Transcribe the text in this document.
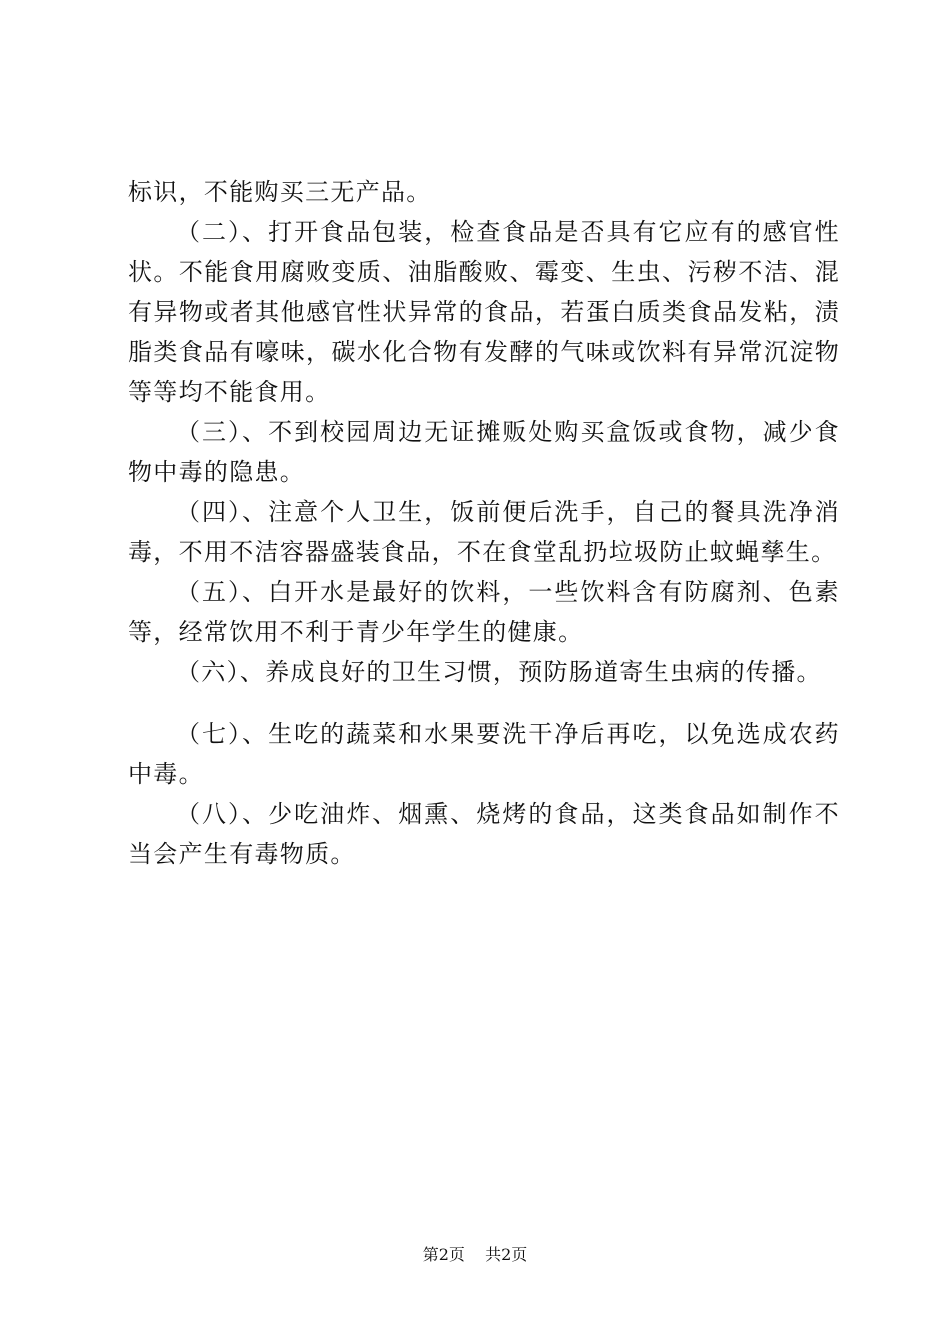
标识，不能购买三无产品。

（二）、打开食品包装，检查食品是否具有它应有的感官性状。不能食用腐败变质、油脂酸败、霉变、生虫、污秽不洁、混有异物或者其他感官性状异常的食品，若蛋白质类食品发粘，渍脂类食品有嚎味，碳水化合物有发酵的气味或饮料有异常沉淀物等等均不能食用。

（三）、不到校园周边无证摊贩处购买盒饭或食物，减少食物中毒的隐患。

（四）、注意个人卫生，饭前便后洗手，自己的餐具洗净消毒，不用不洁容器盛装食品，不在食堂乱扔垃圾防止蚊蝇孳生。

（五）、白开水是最好的饮料，一些饮料含有防腐剂、色素等，经常饮用不利于青少年学生的健康。

（六）、养成良好的卫生习惯，预防肠道寄生虫病的传播。

（七）、生吃的蔬菜和水果要洗干净后再吃，以免选成农药中毒。

（八）、少吃油炸、烟熏、烧烤的食品，这类食品如制作不当会产生有毒物质。

第2页 共2页
